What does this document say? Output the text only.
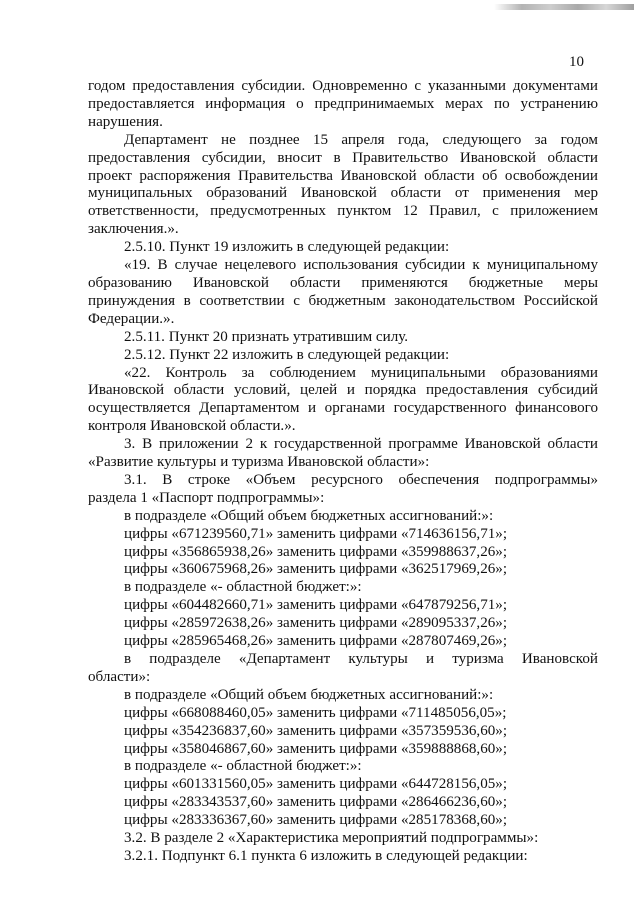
10
годом предоставления субсидии. Одновременно с указанными документами
предоставляется информация о предпринимаемых мерах по устранению
нарушения.
Департамент не позднее 15 апреля года, следующего за годом
предоставления субсидии, вносит в Правительство Ивановской области
проект распоряжения Правительства Ивановской области об освобождении
муниципальных образований Ивановской области от применения мер
ответственности, предусмотренных пунктом 12 Правил, с приложением
заключения.».
2.5.10. Пункт 19 изложить в следующей редакции:
«19. В случае нецелевого использования субсидии к муниципальному
образованию Ивановской области применяются бюджетные меры
принуждения в соответствии с бюджетным законодательством Российской
Федерации.».
2.5.11. Пункт 20 признать утратившим силу.
2.5.12. Пункт 22 изложить в следующей редакции:
«22. Контроль за соблюдением муниципальными образованиями
Ивановской области условий, целей и порядка предоставления субсидий
осуществляется Департаментом и органами государственного финансового
контроля Ивановской области.».
3. В приложении 2 к государственной программе Ивановской области
«Развитие культуры и туризма Ивановской области»:
3.1. В строке «Объем ресурсного обеспечения подпрограммы»
раздела 1 «Паспорт подпрограммы»:
в подразделе «Общий объем бюджетных ассигнований:»:
цифры «671239560,71» заменить цифрами «714636156,71»;
цифры «356865938,26» заменить цифрами «359988637,26»;
цифры «360675968,26» заменить цифрами «362517969,26»;
в подразделе «- областной бюджет:»:
цифры «604482660,71» заменить цифрами «647879256,71»;
цифры «285972638,26» заменить цифрами «289095337,26»;
цифры «285965468,26» заменить цифрами «287807469,26»;
в подразделе «Департамент культуры и туризма Ивановской
области»:
в подразделе «Общий объем бюджетных ассигнований:»:
цифры «668088460,05» заменить цифрами «711485056,05»;
цифры «354236837,60» заменить цифрами «357359536,60»;
цифры «358046867,60» заменить цифрами «359888868,60»;
в подразделе «- областной бюджет:»:
цифры «601331560,05» заменить цифрами «644728156,05»;
цифры «283343537,60» заменить цифрами «286466236,60»;
цифры «283336367,60» заменить цифрами «285178368,60»;
3.2. В разделе 2 «Характеристика мероприятий подпрограммы»:
3.2.1. Подпункт 6.1 пункта 6 изложить в следующей редакции:
